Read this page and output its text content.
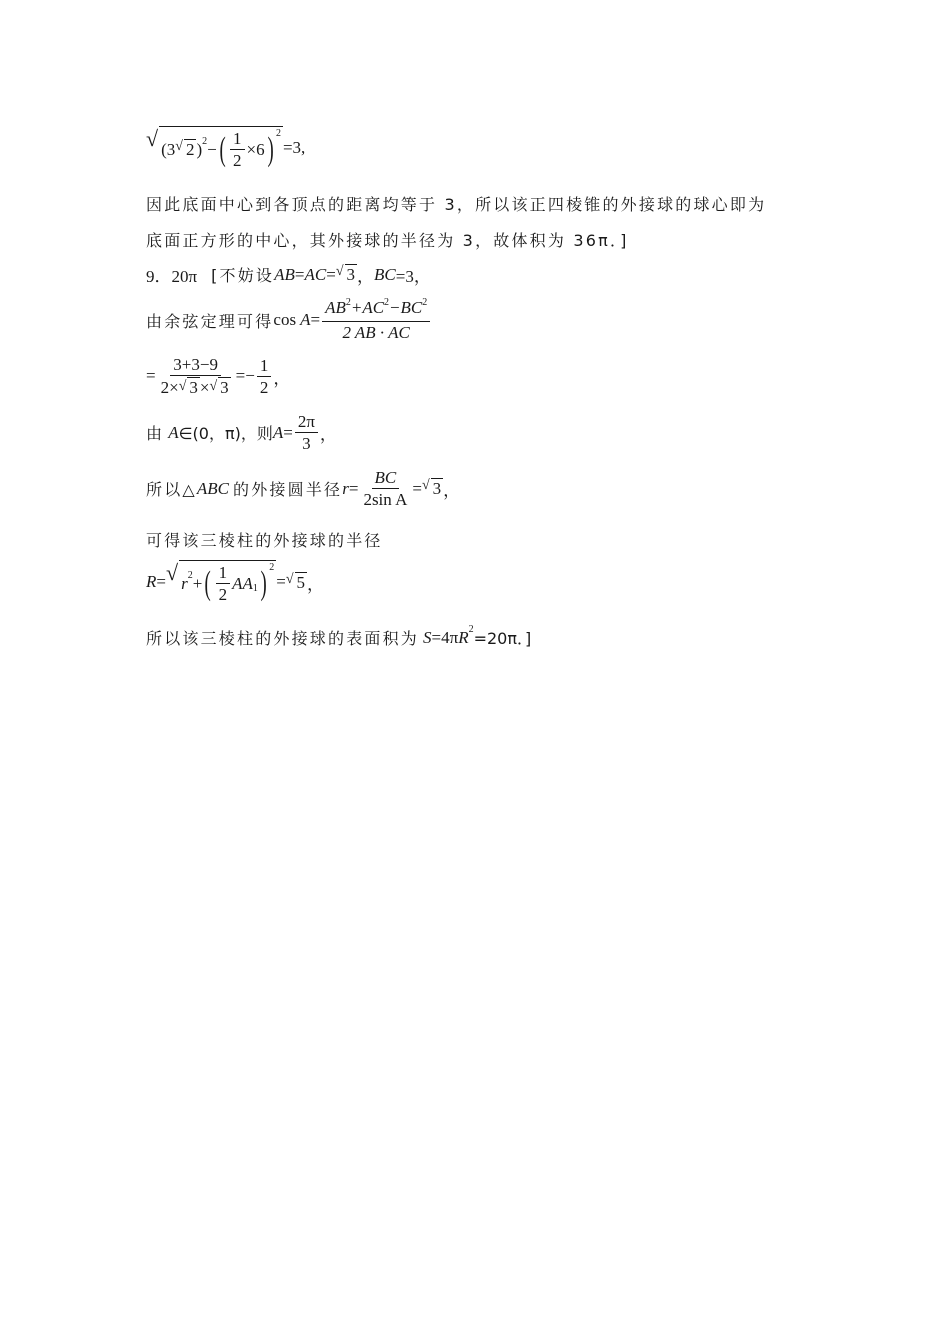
√ ( 3 √ 2 ) 2 − ( $\frac{1}{2} \times 6$ ) 2
=3,
因此底面中心到各顶点的距离均等于 3，所以该正四棱锥的外接球的球心即为
底面正方形的中心，其外接球的半径为 3，故体积为 36π．]
9．20π [不妨设 AB = AC = √ 3 ， BC =3，
由余弦定理可得 $\cos A = \frac{AB^2+AC^2-BC^2}{2 AB \cdot AC}$
= $\frac{3+3-9}{2\times √ 3 \times √ 3} =- \frac{1}{2}$ ，
由 A ∈(0，π)，则 $A = \frac{2\pi}{3}$ ，
所以△ ABC 的外接圆半径 $r = \frac{BC}{\text{2sin A}}$ = √ 3 ，
可得该三棱柱的外接球的半径
R = √ r 2 + ( $\frac{1}{2}$ AA 1 ) 2
= √ 5 ，
所以该三棱柱的外接球的表面积为 S =4π R 2 =20π．]
